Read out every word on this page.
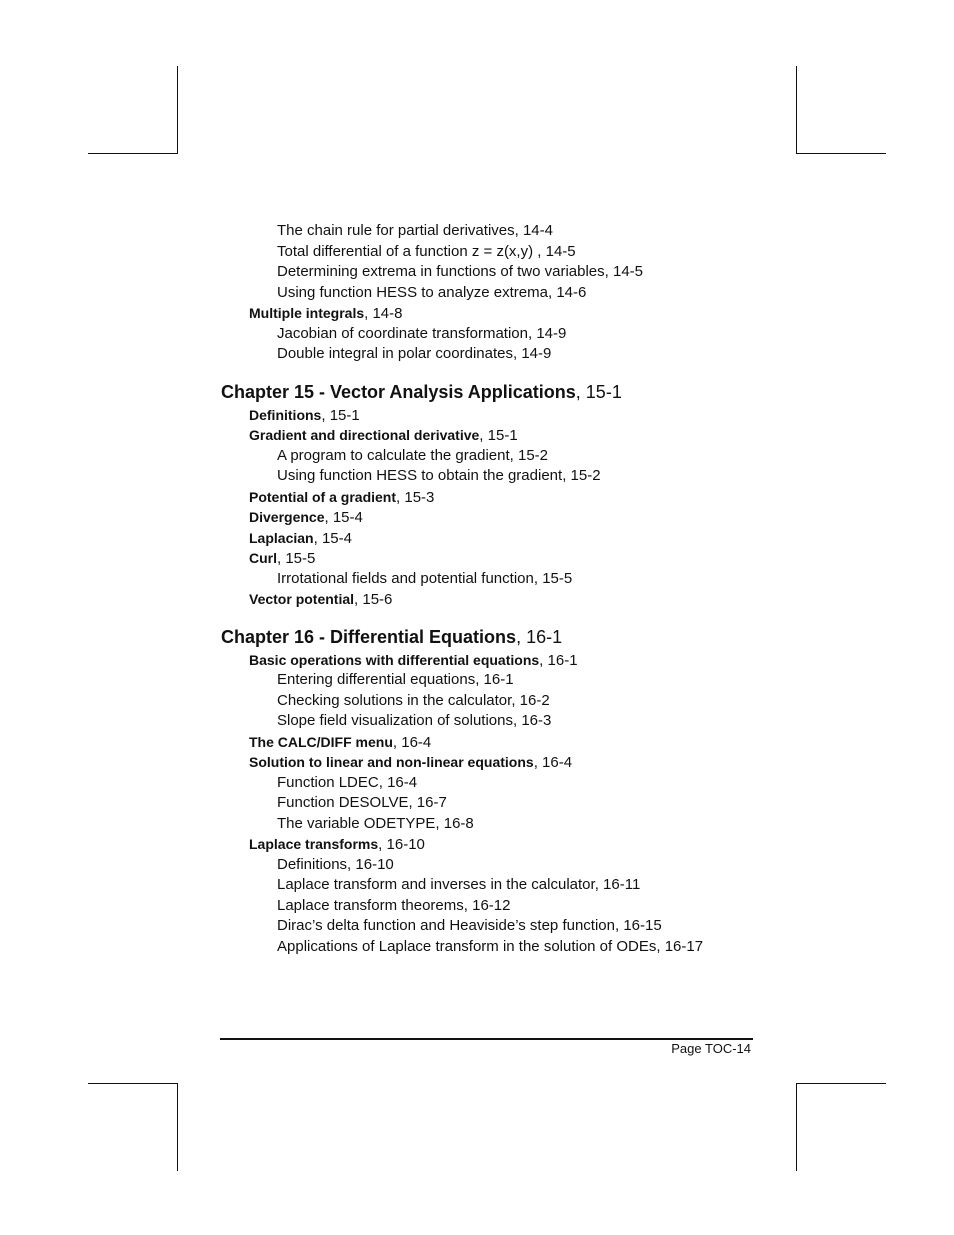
The chain rule for partial derivatives, 14-4
Total differential of a function z = z(x,y) , 14-5
Determining extrema in functions of two variables, 14-5
Using function HESS to analyze extrema, 14-6
Multiple integrals, 14-8
Jacobian of coordinate transformation, 14-9
Double integral in polar coordinates, 14-9
Chapter 15 - Vector Analysis Applications, 15-1
Definitions, 15-1
Gradient and directional derivative, 15-1
A program to calculate the gradient, 15-2
Using function HESS to obtain the gradient, 15-2
Potential of a gradient, 15-3
Divergence, 15-4
Laplacian, 15-4
Curl, 15-5
Irrotational fields and potential function, 15-5
Vector potential, 15-6
Chapter 16 - Differential Equations, 16-1
Basic operations with differential equations, 16-1
Entering differential equations, 16-1
Checking solutions in the calculator, 16-2
Slope field visualization of solutions, 16-3
The CALC/DIFF menu, 16-4
Solution to linear and non-linear equations, 16-4
Function LDEC, 16-4
Function DESOLVE, 16-7
The variable ODETYPE, 16-8
Laplace transforms, 16-10
Definitions, 16-10
Laplace transform and inverses in the calculator, 16-11
Laplace transform theorems, 16-12
Dirac’s delta function and Heaviside’s step function, 16-15
Applications of Laplace transform in the solution of ODEs, 16-17
Page TOC-14
